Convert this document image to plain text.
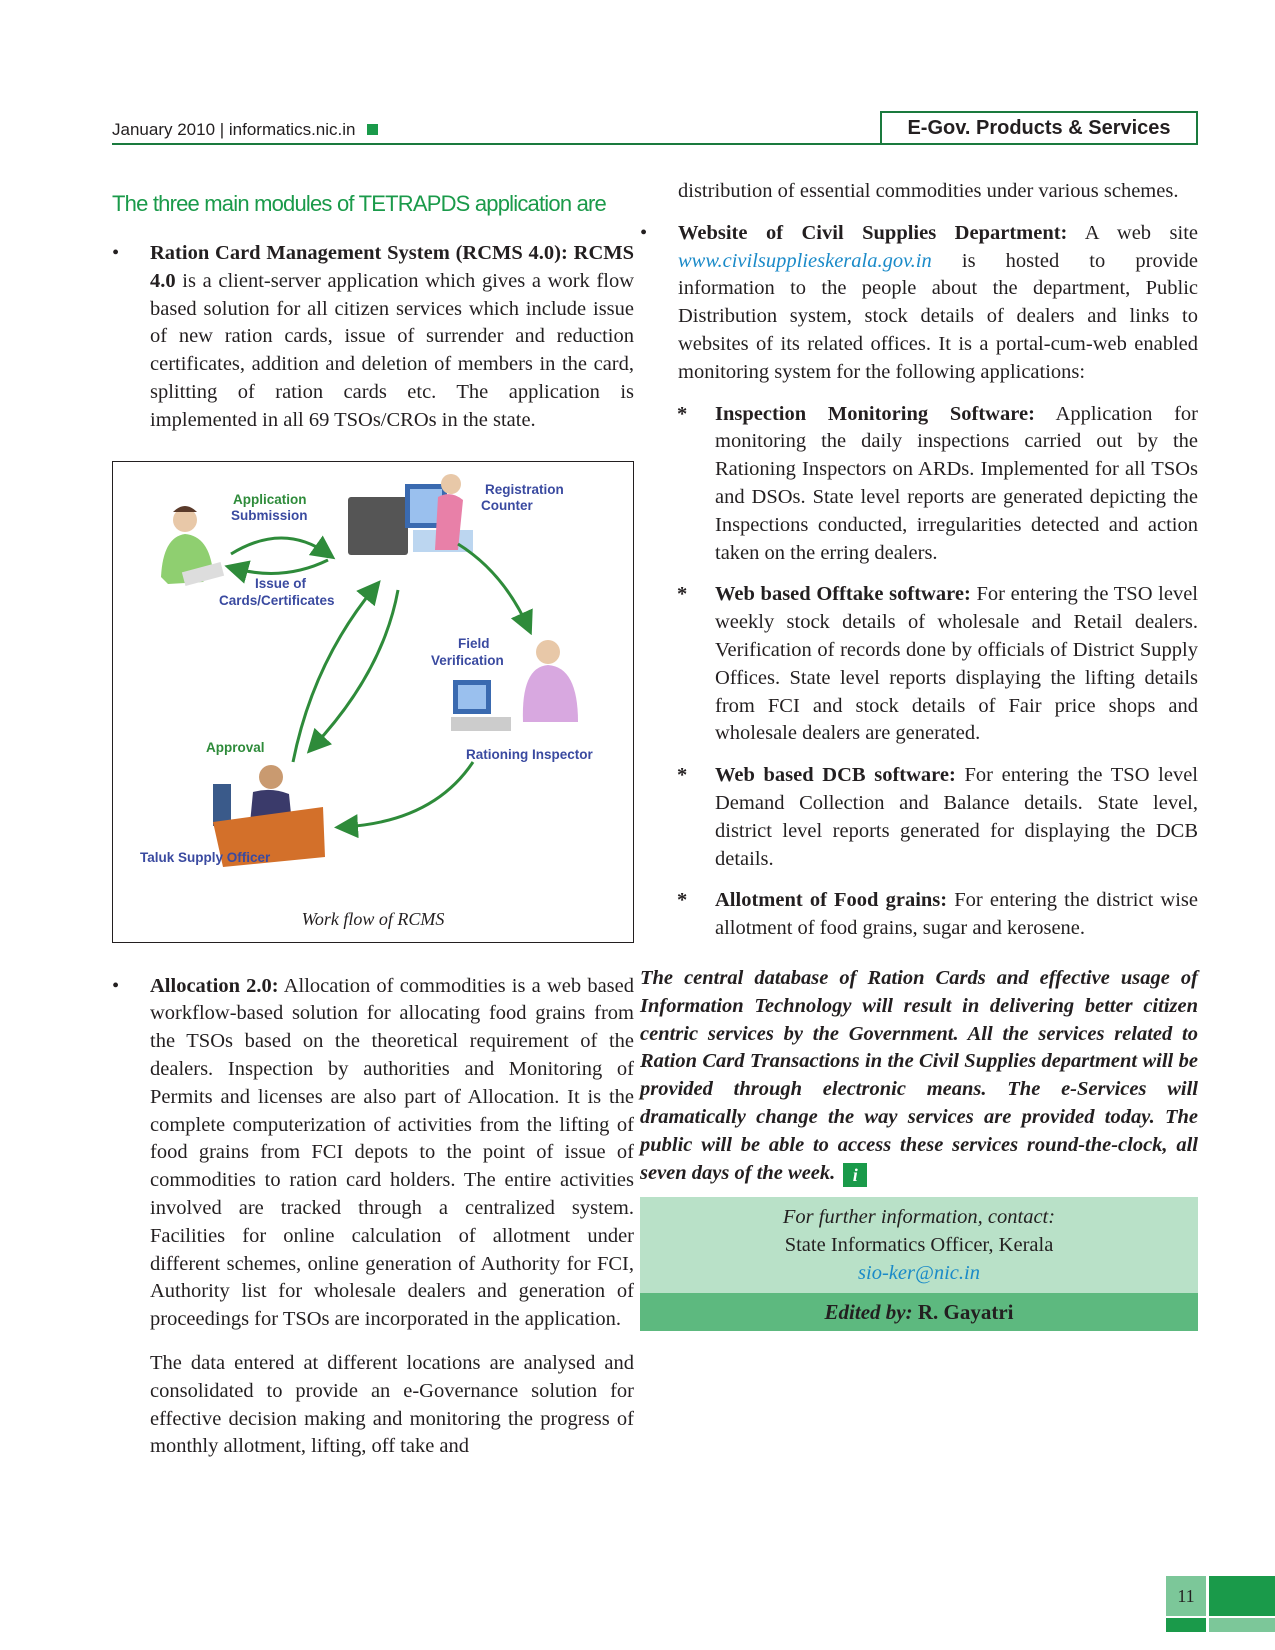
January 2010 | informatics.nic.in	E-Gov. Products & Services
The three main modules of TETRAPDS application are
• Ration Card Management System (RCMS 4.0): RCMS 4.0 is a client-server application which gives a work flow based solution for all citizen services which include issue of new ration cards, issue of surrender and reduction certificates, addition and deletion of members in the card, splitting of ration cards etc. The application is implemented in all 69 TSOs/CROs in the state.

Application
Submission
Registration
Counter
Issue of
Cards/Certificates
Field
Verification
Approval	Rationing Inspector
Taluk Supply Officer
Work flow of RCMS
• Allocation 2.0: Allocation of commodities is a web based workflow-based solution for allocating food grains from the TSOs based on the theoretical requirement of the dealers. Inspection by authorities and Monitoring of Permits and licenses are also part of Allocation. It is the complete computerization of activities from the lifting of food grains from FCI depots to the point of issue of commodities to ration card holders. The entire activities involved are tracked through a centralized system. Facilities for online calculation of allotment under different schemes, online generation of Authority for FCI, Authority list for wholesale dealers and generation of proceedings for TSOs are incorporated in the application.

The data entered at different locations are analysed and consolidated to provide an e-Governance solution for effective decision making and monitoring the progress of monthly allotment, lifting, off take and

distribution of essential commodities under various schemes.

• Website of Civil Supplies Department: A web site www.civilsupplieskerala.gov.in is hosted to provide information to the people about the department, Public Distribution system, stock details of dealers and links to websites of its related offices. It is a portal-cum-web enabled monitoring system for the following applications:

* Inspection Monitoring Software: Application for monitoring the daily inspections carried out by the Rationing Inspectors on ARDs. Implemented for all TSOs and DSOs. State level reports are generated depicting the Inspections conducted, irregularities detected and action taken on the erring dealers.

* Web based Offtake software: For entering the TSO level weekly stock details of wholesale and Retail dealers. Verification of records done by officials of District Supply Offices. State level reports displaying the lifting details from FCI and stock details of Fair price shops and wholesale dealers are generated.

* Web based DCB software: For entering the TSO level Demand Collection and Balance details. State level, district level reports generated for displaying the DCB details.

* Allotment of Food grains: For entering the district wise allotment of food grains, sugar and kerosene.

The central database of Ration Cards and effective usage of Information Technology will result in delivering better citizen centric services by the Government. All the services related to Ration Card Transactions in the Civil Supplies department will be provided through electronic means. The e-Services will dramatically change the way services are provided today. The public will be able to access these services round-the-clock, all seven days of the week. i

For further information, contact:
State Informatics Officer, Kerala
sio-ker@nic.in
Edited by: R. Gayatri
11
